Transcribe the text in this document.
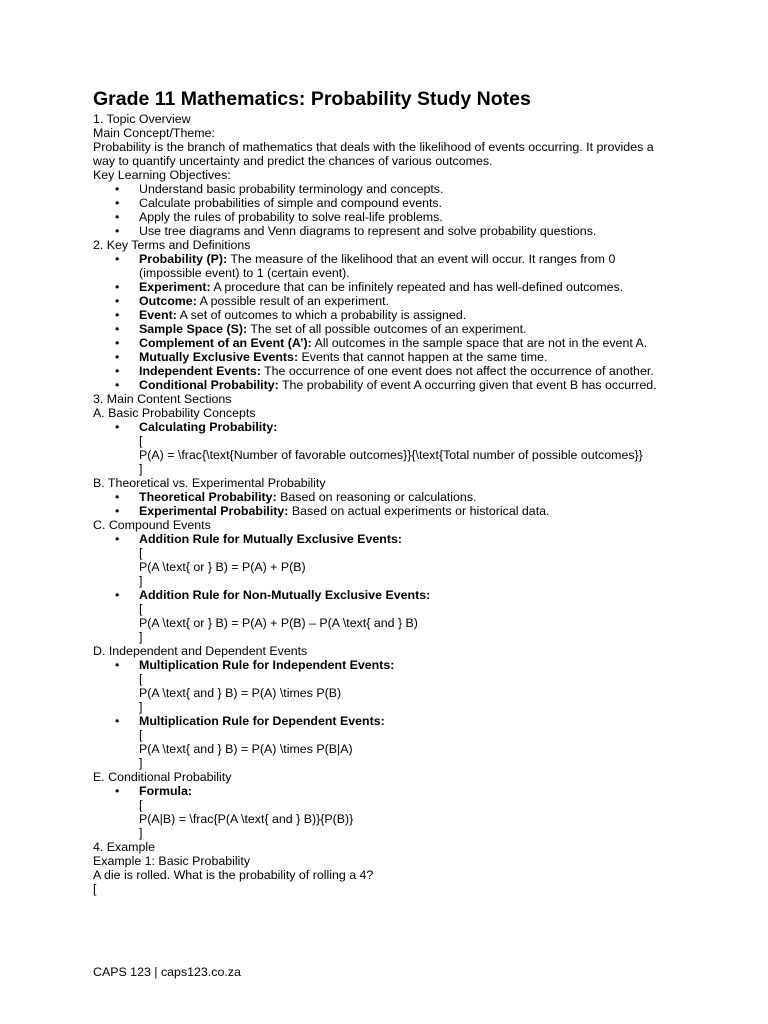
Grade 11 Mathematics: Probability Study Notes
1. Topic Overview
Main Concept/Theme:
Probability is the branch of mathematics that deals with the likelihood of events occurring. It provides a way to quantify uncertainty and predict the chances of various outcomes.
Key Learning Objectives:
• Understand basic probability terminology and concepts.
• Calculate probabilities of simple and compound events.
• Apply the rules of probability to solve real-life problems.
• Use tree diagrams and Venn diagrams to represent and solve probability questions.
2. Key Terms and Definitions
• Probability (P): The measure of the likelihood that an event will occur. It ranges from 0 (impossible event) to 1 (certain event).
• Experiment: A procedure that can be infinitely repeated and has well-defined outcomes.
• Outcome: A possible result of an experiment.
• Event: A set of outcomes to which a probability is assigned.
• Sample Space (S): The set of all possible outcomes of an experiment.
• Complement of an Event (A’): All outcomes in the sample space that are not in the event A.
• Mutually Exclusive Events: Events that cannot happen at the same time.
• Independent Events: The occurrence of one event does not affect the occurrence of another.
• Conditional Probability: The probability of event A occurring given that event B has occurred.
3. Main Content Sections
A. Basic Probability Concepts
• Calculating Probability:
[
P(A) = \frac{\text{Number of favorable outcomes}}{\text{Total number of possible outcomes}}
]
B. Theoretical vs. Experimental Probability
• Theoretical Probability: Based on reasoning or calculations.
• Experimental Probability: Based on actual experiments or historical data.
C. Compound Events
• Addition Rule for Mutually Exclusive Events:
[
P(A \text{ or } B) = P(A) + P(B)
]
• Addition Rule for Non-Mutually Exclusive Events:
[
P(A \text{ or } B) = P(A) + P(B) – P(A \text{ and } B)
]
D. Independent and Dependent Events
• Multiplication Rule for Independent Events:
[
P(A \text{ and } B) = P(A) \times P(B)
]
• Multiplication Rule for Dependent Events:
[
P(A \text{ and } B) = P(A) \times P(B|A)
]
E. Conditional Probability
• Formula:
[
P(A|B) = \frac{P(A \text{ and } B)}{P(B)}
]
4. Example
Example 1: Basic Probability
A die is rolled. What is the probability of rolling a 4?
[
CAPS 123 | caps123.co.za
